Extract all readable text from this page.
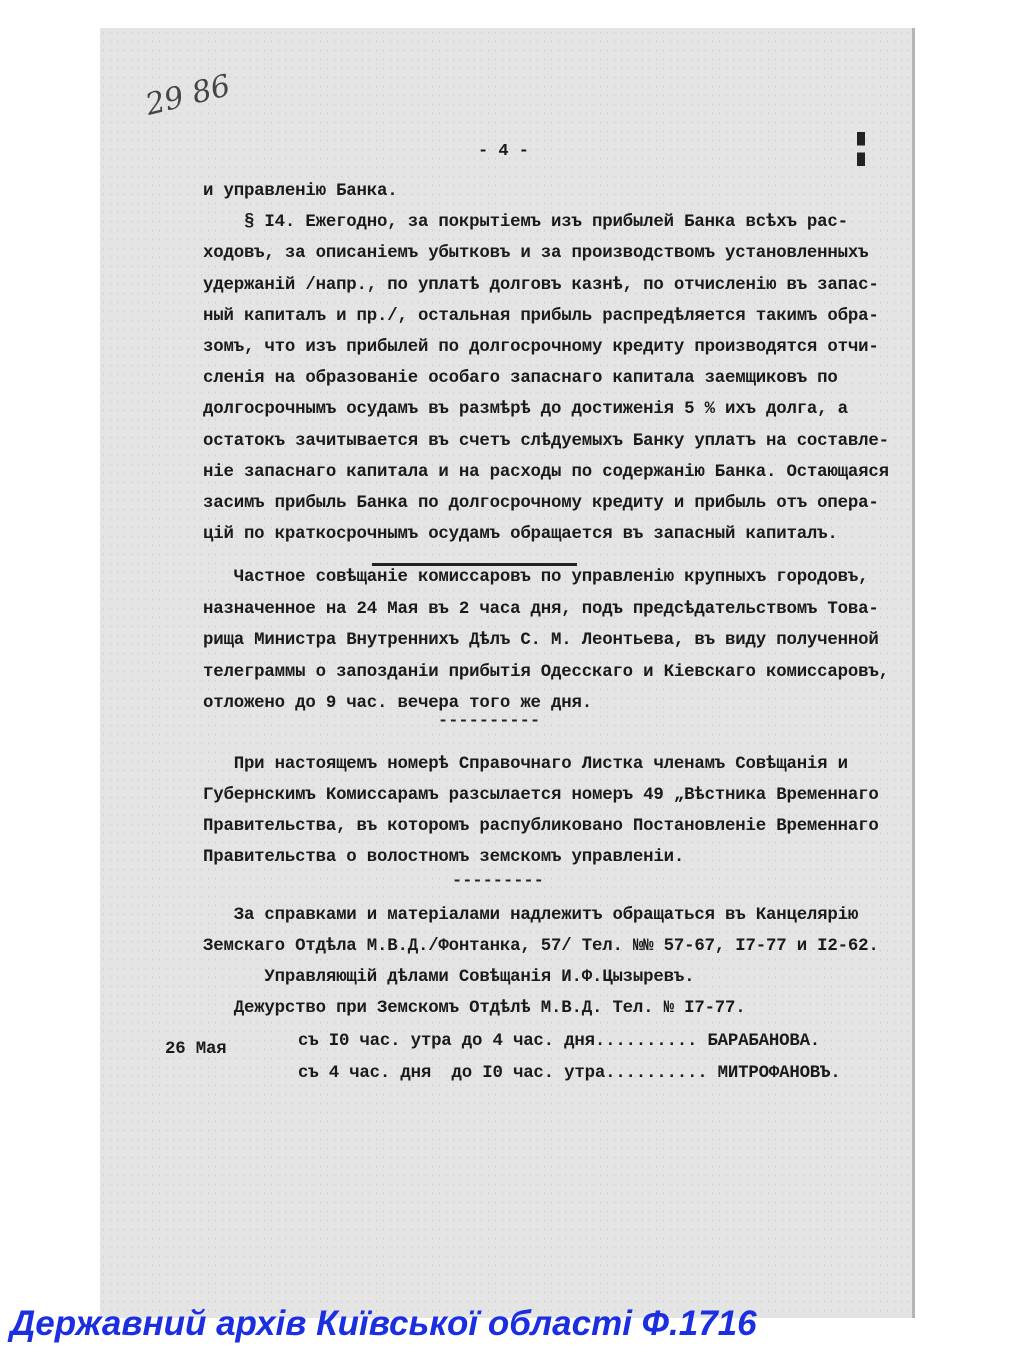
29 86
- 4 -
и управленію Банка.
§ I4. Ежегодно, за покрытіемъ изъ прибылей Банка всѣхъ рас-
ходовъ, за описаніемъ убытковъ и за производствомъ установленныхъ
удержаній /напр., по уплатѣ долговъ казнѣ, по отчисленію въ запас-
ный капиталъ и пр./, остальная прибыль распредѣляется такимъ обра-
зомъ, что изъ прибылей по долгосрочному кредиту производятся отчи-
сленія на образованіе особаго запаснаго капитала заемщиковъ по
долгосрочнымъ осудамъ въ размѣрѣ до достиженія 5 % ихъ долга, а
остатокъ зачитывается въ счетъ слѣдуемыхъ Банку уплатъ на составле-
ніе запаснаго капитала и на расходы по содержанію Банка. Остающаяся
засимъ прибыль Банка по долгосрочному кредиту и прибыль отъ опера-
цій по краткосрочнымъ осудамъ обращается въ запасный капиталъ.
Частное совѣщаніе комиссаровъ по управленію крупныхъ городовъ,
назначенное на 24 Мая въ 2 часа дня, подъ предсѣдательствомъ Това-
рища Министра Внутреннихъ Дѣлъ С. М. Леонтьева, въ виду полученной
телеграммы о запозданіи прибытія Одесскаго и Кіевскаго комиссаровъ,
отложено до 9 час. вечера того же дня.
При настоящемъ номерѣ Справочнаго Листка членамъ Совѣщанія и
Губернскимъ Комиссарамъ разсылается номеръ 49 „Вѣстника Временнаго
Правительства, въ которомъ распубликовано Постановленіе Временнаго
Правительства о волостномъ земскомъ управленіи.
За справками и матеріалами надлежитъ обращаться въ Канцелярію
Земскаго Отдѣла М.В.Д./Фонтанка, 57/ Тел. №№ 57-67, I7-77 и I2-62.
Управляющій дѣлами Совѣщанія И.Ф.Цызыревъ.
Дежурство при Земскомъ Отдѣлѣ М.В.Д. Тел. № I7-77.
----------
---------
26 Мая	съ I0 час. утра до 4 час. дня.......... БАРАБАНОВА.
съ 4 час. дня  до I0 час. утра.......... МИТРОФАНОВЪ.
Державний архів Київської області Ф.1716
